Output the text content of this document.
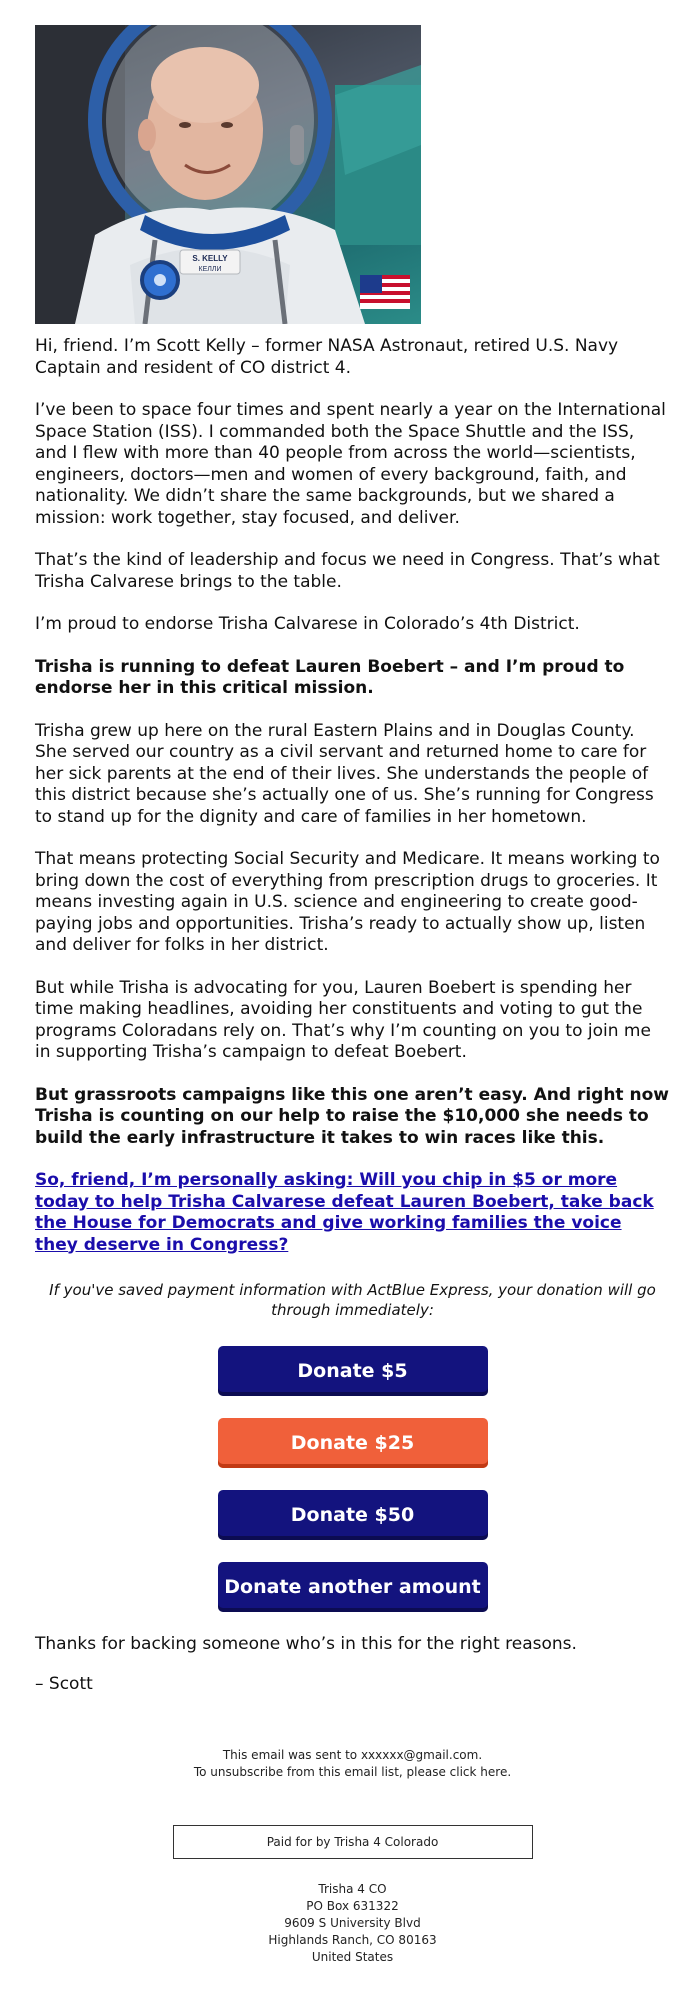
S. KELLY
КЕЛЛИ

Hi, friend. I’m Scott Kelly – former NASA Astronaut, retired U.S. Navy Captain and resident of CO district 4.

I’ve been to space four times and spent nearly a year on the International Space Station (ISS). I commanded both the Space Shuttle and the ISS, and I flew with more than 40 people from across the world—scientists, engineers, doctors—men and women of every background, faith, and nationality. We didn’t share the same backgrounds, but we shared a mission: work together, stay focused, and deliver.

That’s the kind of leadership and focus we need in Congress. That’s what Trisha Calvarese brings to the table.

I’m proud to endorse Trisha Calvarese in Colorado’s 4th District.

Trisha is running to defeat Lauren Boebert – and I’m proud to endorse her in this critical mission.

Trisha grew up here on the rural Eastern Plains and in Douglas County. She served our country as a civil servant and returned home to care for her sick parents at the end of their lives. She understands the people of this district because she’s actually one of us. She’s running for Congress to stand up for the dignity and care of families in her hometown.

That means protecting Social Security and Medicare. It means working to bring down the cost of everything from prescription drugs to groceries. It means investing again in U.S. science and engineering to create good-paying jobs and opportunities. Trisha’s ready to actually show up, listen and deliver for folks in her district.

But while Trisha is advocating for you, Lauren Boebert is spending her time making headlines, avoiding her constituents and voting to gut the programs Coloradans rely on. That’s why I’m counting on you to join me in supporting Trisha’s campaign to defeat Boebert.

But grassroots campaigns like this one aren’t easy. And right now Trisha is counting on our help to raise the $10,000 she needs to build the early infrastructure it takes to win races like this.

So, friend, I’m personally asking: Will you chip in $5 or more today to help Trisha Calvarese defeat Lauren Boebert, take back the House for Democrats and give working families the voice they deserve in Congress?

If you've saved payment information with ActBlue Express, your donation will go through immediately:

Donate $5
Donate $25
Donate $50
Donate another amount

Thanks for backing someone who’s in this for the right reasons.

– Scott

This email was sent to xxxxxx@gmail.com.
To unsubscribe from this email list, please click here.
Paid for by Trisha 4 Colorado
Trisha 4 CO
PO Box 631322
9609 S University Blvd
Highlands Ranch, CO 80163
United States
